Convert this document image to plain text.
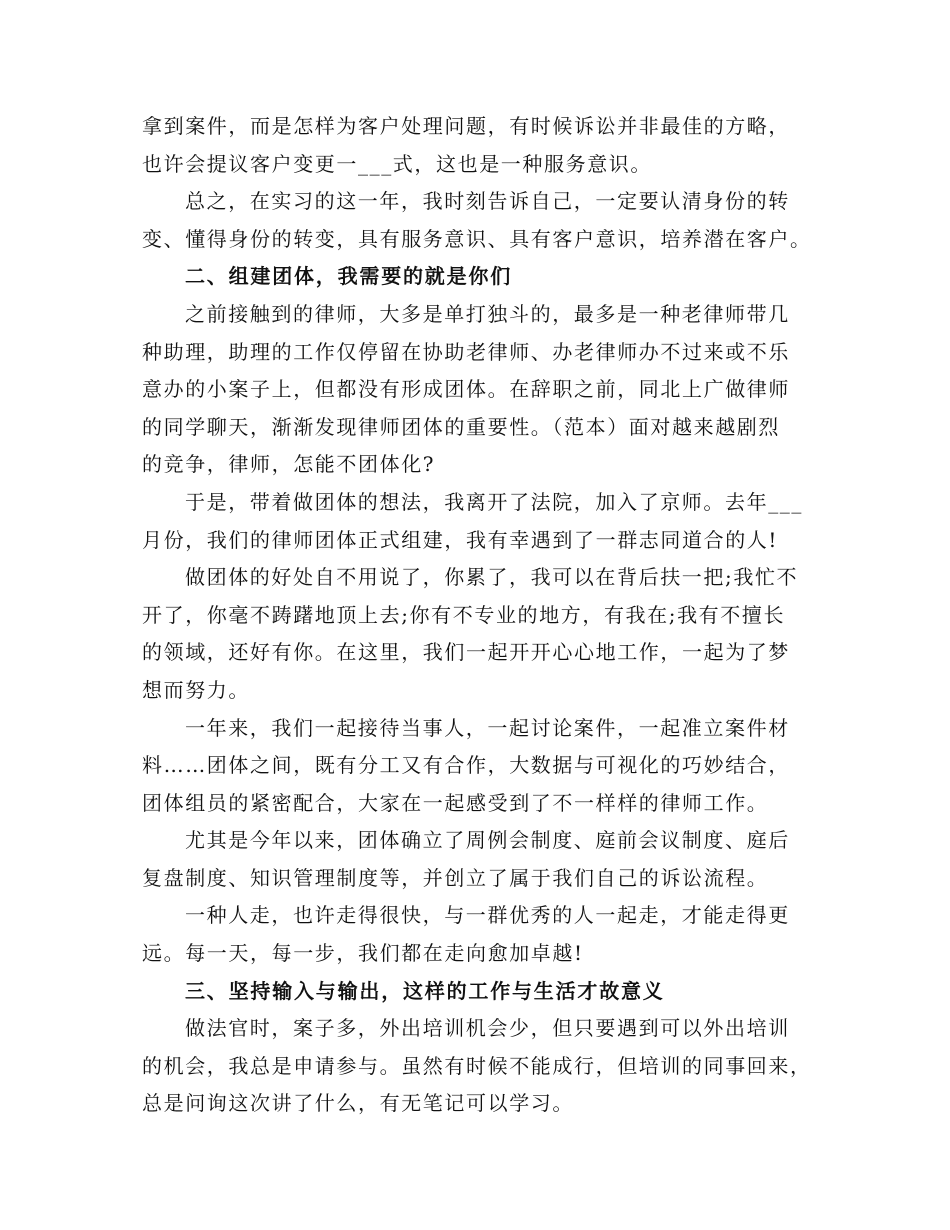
拿到案件，而是怎样为客户处理问题，有时候诉讼并非最佳的方略，
也许会提议客户变更一___式，这也是一种服务意识。
总之，在实习的这一年，我时刻告诉自己，一定要认清身份的转
变、懂得身份的转变，具有服务意识、具有客户意识，培养潜在客户。
二、组建团体，我需要的就是你们
之前接触到的律师，大多是单打独斗的，最多是一种老律师带几
种助理，助理的工作仅停留在协助老律师、办老律师办不过来或不乐
意办的小案子上，但都没有形成团体。在辞职之前，同北上广做律师
的同学聊天，渐渐发现律师团体的重要性。（范本）面对越来越剧烈
的竞争，律师，怎能不团体化?
于是，带着做团体的想法，我离开了法院，加入了京师。去年___
月份，我们的律师团体正式组建，我有幸遇到了一群志同道合的人!
做团体的好处自不用说了，你累了，我可以在背后扶一把;我忙不
开了，你毫不踌躇地顶上去;你有不专业的地方，有我在;我有不擅长
的领域，还好有你。在这里，我们一起开开心心地工作，一起为了梦
想而努力。
一年来，我们一起接待当事人，一起讨论案件，一起准立案件材
料……团体之间，既有分工又有合作，大数据与可视化的巧妙结合，
团体组员的紧密配合，大家在一起感受到了不一样样的律师工作。
尤其是今年以来，团体确立了周例会制度、庭前会议制度、庭后
复盘制度、知识管理制度等，并创立了属于我们自己的诉讼流程。
一种人走，也许走得很快，与一群优秀的人一起走，才能走得更
远。每一天，每一步，我们都在走向愈加卓越!
三、坚持输入与输出，这样的工作与生活才故意义
做法官时，案子多，外出培训机会少，但只要遇到可以外出培训
的机会，我总是申请参与。虽然有时候不能成行，但培训的同事回来，
总是问询这次讲了什么，有无笔记可以学习。
